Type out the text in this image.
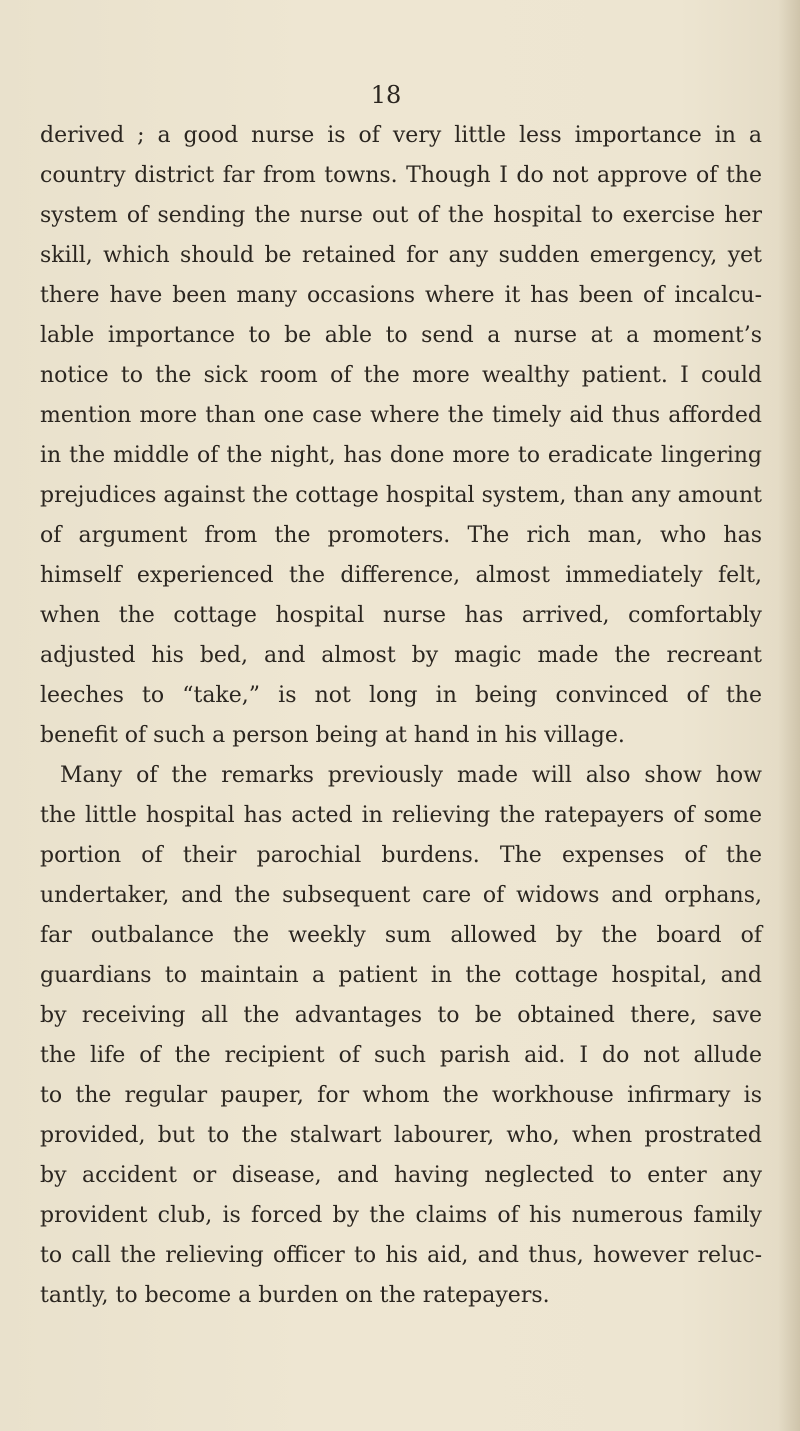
18
derived ; a good nurse is of very little less importance in a
country district far from towns. Though I do not approve of the
system of sending the nurse out of the hospital to exercise her
skill, which should be retained for any sudden emergency, yet
there have been many occasions where it has been of incalcu-
lable importance to be able to send a nurse at a moment’s
notice to the sick room of the more wealthy patient. I could
mention more than one case where the timely aid thus afforded
in the middle of the night, has done more to eradicate lingering
prejudices against the cottage hospital system, than any amount
of argument from the promoters. The rich man, who has
himself experienced the difference, almost immediately felt,
when the cottage hospital nurse has arrived, comfortably
adjusted his bed, and almost by magic made the recreant
leeches to “take,” is not long in being convinced of the
benefit of such a person being at hand in his village.
Many of the remarks previously made will also show how
the little hospital has acted in relieving the ratepayers of some
portion of their parochial burdens. The expenses of the
undertaker, and the subsequent care of widows and orphans,
far outbalance the weekly sum allowed by the board of
guardians to maintain a patient in the cottage hospital, and
by receiving all the advantages to be obtained there, save
the life of the recipient of such parish aid. I do not allude
to the regular pauper, for whom the workhouse infirmary is
provided, but to the stalwart labourer, who, when prostrated
by accident or disease, and having neglected to enter any
provident club, is forced by the claims of his numerous family
to call the relieving officer to his aid, and thus, however reluc-
tantly, to become a burden on the ratepayers.
